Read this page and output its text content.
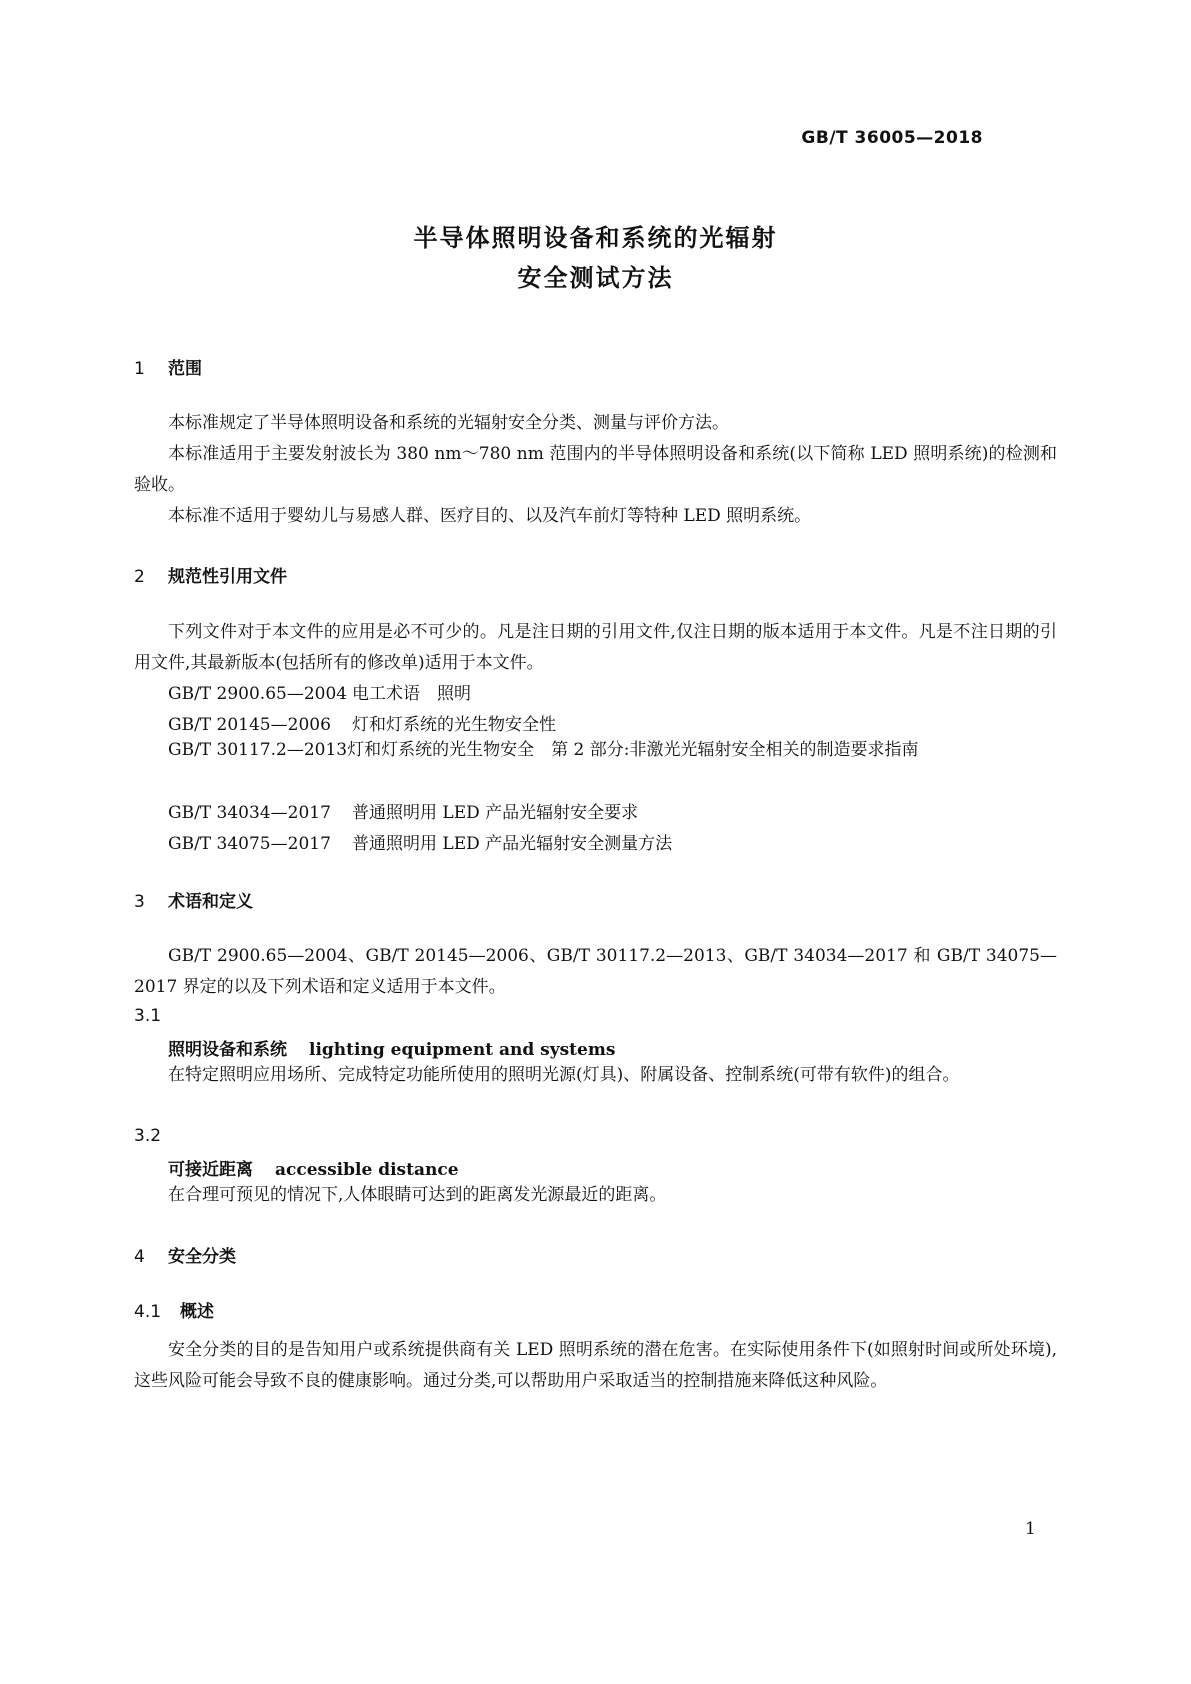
GB/T 36005—2018
半导体照明设备和系统的光辐射
安全测试方法
1 范围
本标准规定了半导体照明设备和系统的光辐射安全分类、测量与评价方法。
本标准适用于主要发射波长为 380 nm～780 nm 范围内的半导体照明设备和系统(以下简称 LED 照明系统)的检测和验收。
本标准不适用于婴幼儿与易感人群、医疗目的、以及汽车前灯等特种 LED 照明系统。
2 规范性引用文件
下列文件对于本文件的应用是必不可少的。凡是注日期的引用文件,仅注日期的版本适用于本文件。凡是不注日期的引用文件,其最新版本(包括所有的修改单)适用于本文件。
GB/T 2900.65—2004 电工术语　照明
GB/T 20145—2006 灯和灯系统的光生物安全性
GB/T 30117.2—2013灯和灯系统的光生物安全　第 2 部分:非激光光辐射安全相关的制造要求指南
GB/T 34034—2017 普通照明用 LED 产品光辐射安全要求
GB/T 34075—2017 普通照明用 LED 产品光辐射安全测量方法
3 术语和定义
GB/T 2900.65—2004、GB/T 20145—2006、GB/T 30117.2—2013、GB/T 34034—2017 和 GB/T 34075—2017 界定的以及下列术语和定义适用于本文件。
3.1
照明设备和系统 lighting equipment and systems
在特定照明应用场所、完成特定功能所使用的照明光源(灯具)、附属设备、控制系统(可带有软件)的组合。
3.2
可接近距离 accessible distance
在合理可预见的情况下,人体眼睛可达到的距离发光源最近的距离。
4 安全分类
4.1 概述
安全分类的目的是告知用户或系统提供商有关 LED 照明系统的潜在危害。在实际使用条件下(如照射时间或所处环境),这些风险可能会导致不良的健康影响。通过分类,可以帮助用户采取适当的控制措施来降低这种风险。
1
